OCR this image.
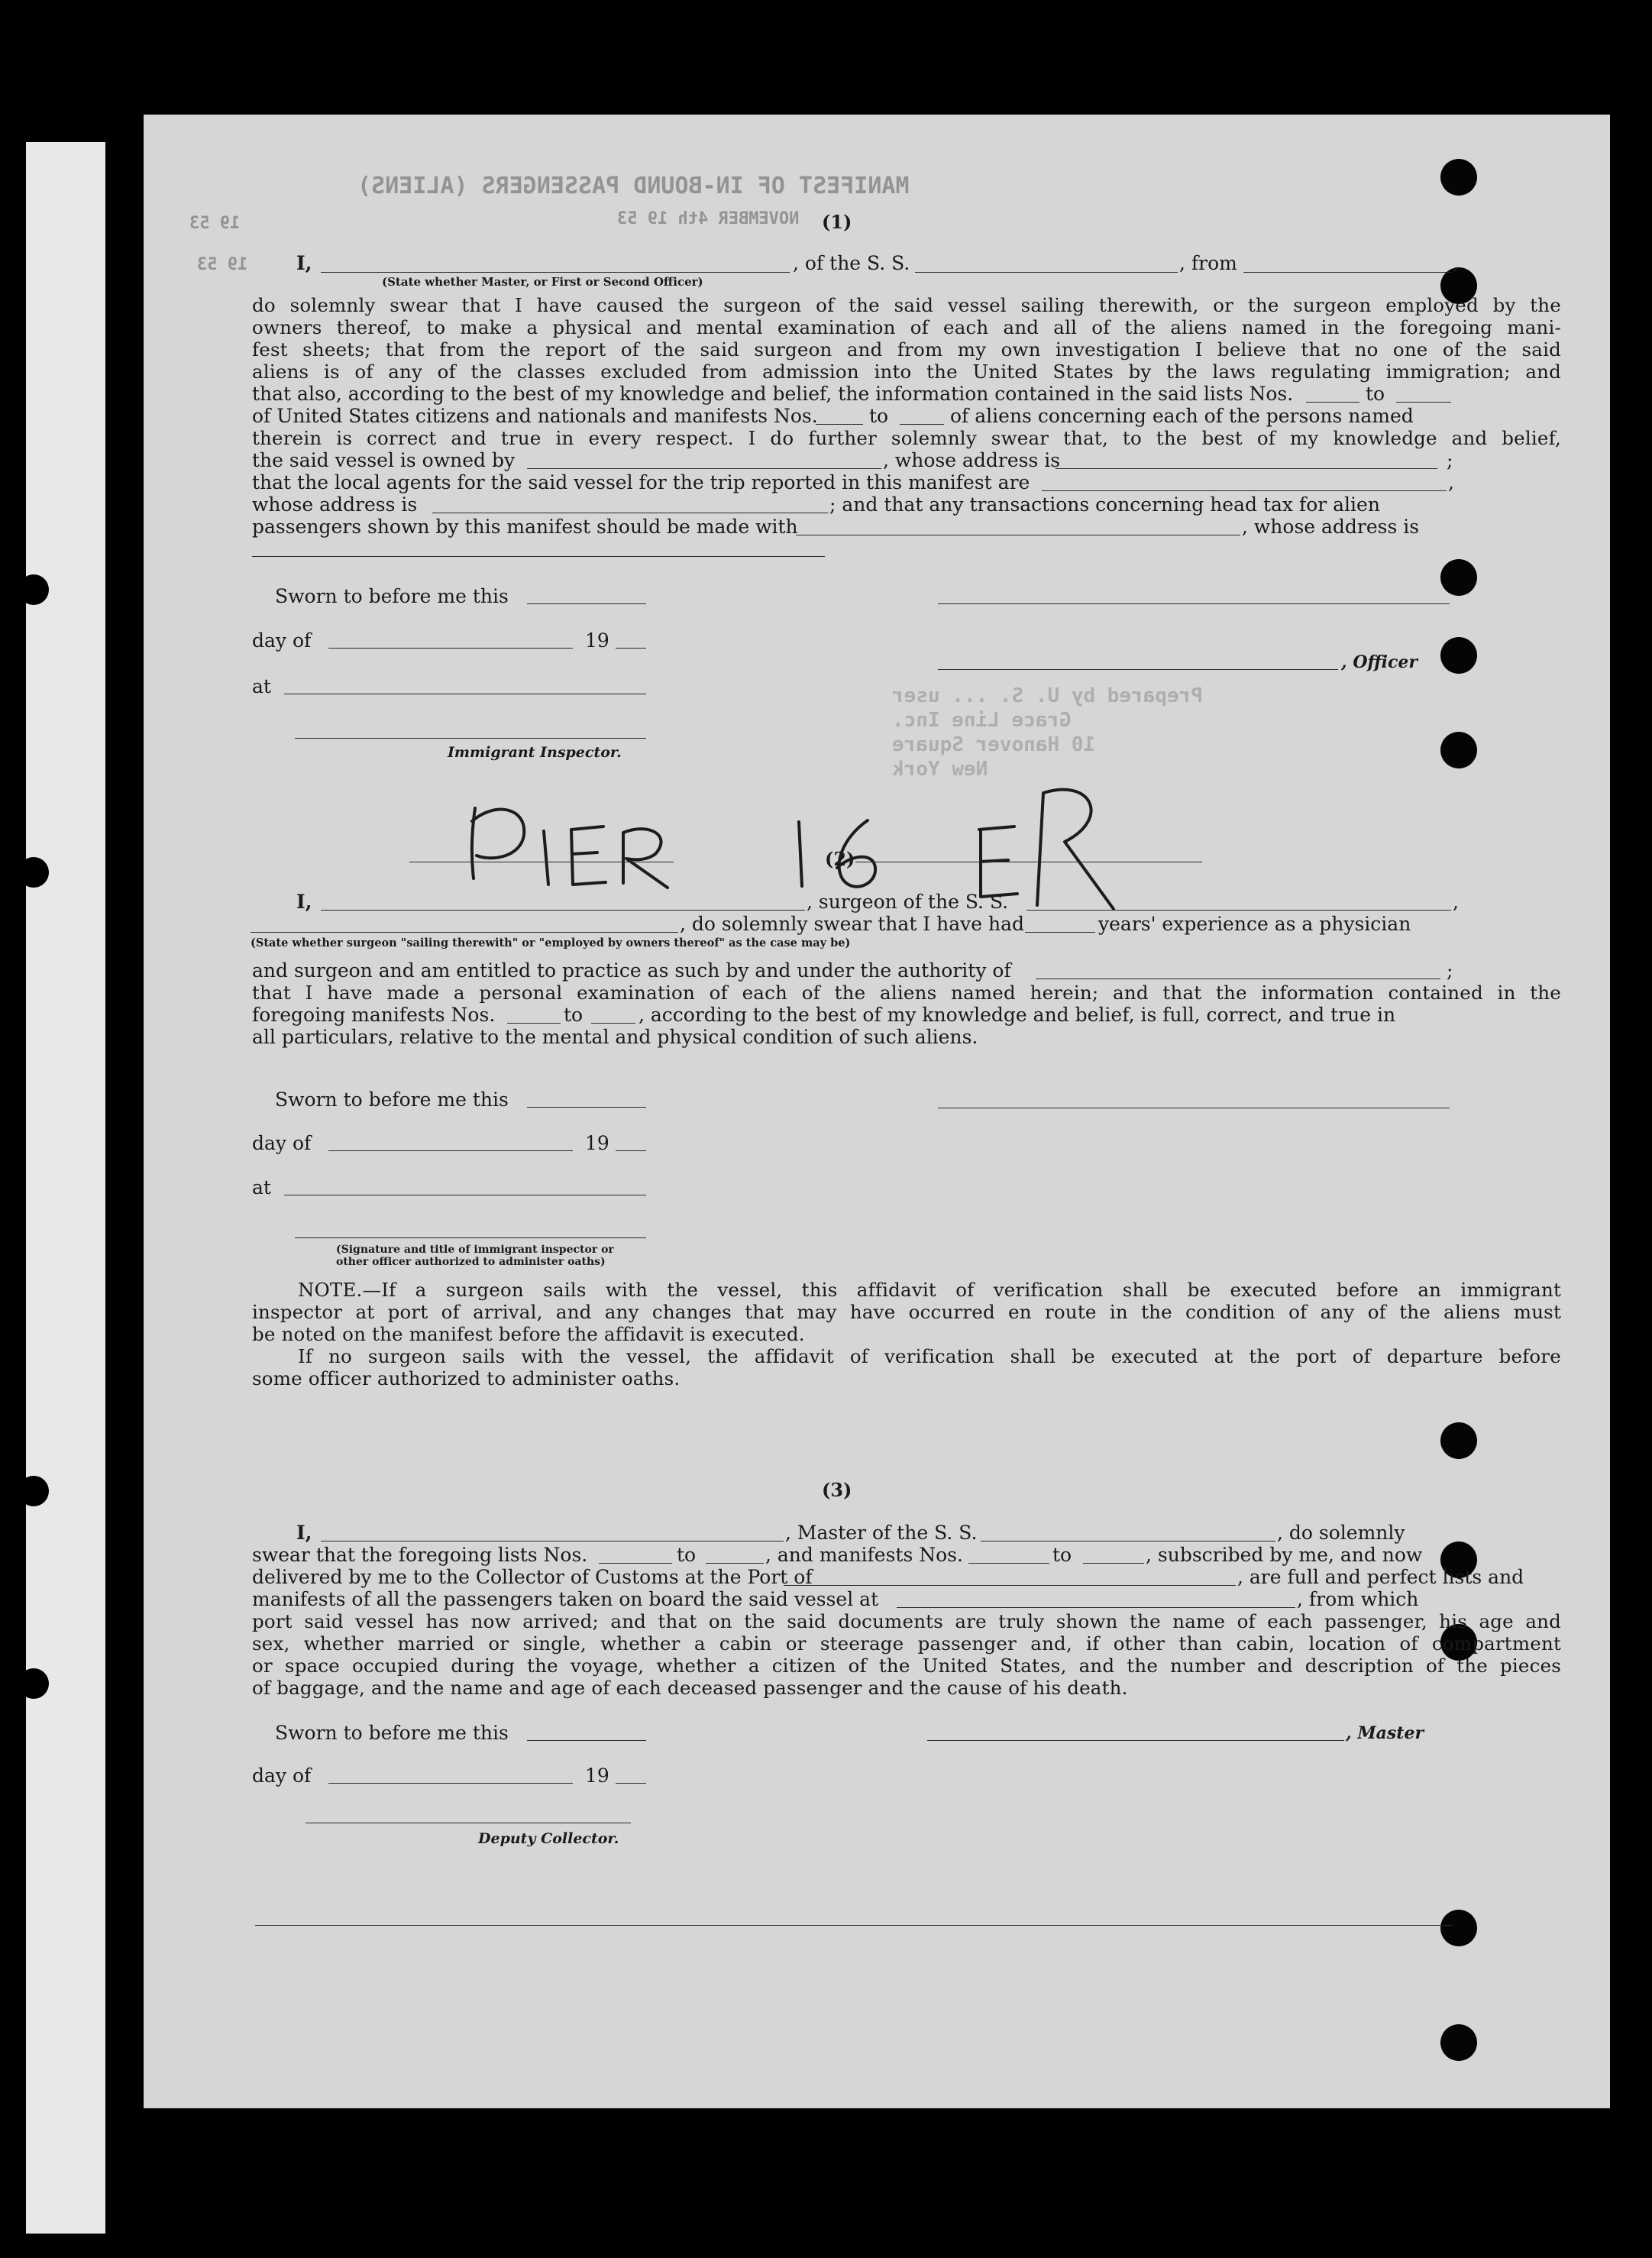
MANIFEST OF IN-BOUND PASSENGERS (ALIENS)
NOVEMBER 4th 19 53
19 53
19 53
Prepared by U. S. ... user
Grace Line Inc.
10 Hanover Square
New York
(1)
I,
(State whether Master, or First or Second Officer)
, of the S. S.	, from	,
do solemnly swear that I have caused the surgeon of the said vessel sailing therewith, or the surgeon employed by the
owners thereof, to make a physical and mental examination of each and all of the aliens named in the foregoing mani-
fest sheets; that from the report of the said surgeon and from my own investigation I believe that no one of the said
aliens is of any of the classes excluded from admission into the United States by the laws regulating immigration; and
that also, according to the best of my knowledge and belief, the information contained in the said lists Nos.	to
of United States citizens and nationals and manifests Nos.	to	of aliens concerning each of the persons named
therein is correct and true in every respect. I do further solemnly swear that, to the best of my knowledge and belief,
the said vessel is owned by	, whose address is	;
that the local agents for the said vessel for the trip reported in this manifest are	,
whose address is	; and that any transactions concerning head tax for alien
passengers shown by this manifest should be made with	, whose address is
Sworn to before me this
day of	19
, Officer
at
Immigrant Inspector.
(2)
I,	, surgeon of the S. S.	,
, do solemnly swear that I have had	years' experience as a physician
(State whether surgeon "sailing therewith" or "employed by owners thereof" as the case may be)
and surgeon and am entitled to practice as such by and under the authority of	;
that I have made a personal examination of each of the aliens named herein; and that the information contained in the
foregoing manifests Nos.	to	, according to the best of my knowledge and belief, is full, correct, and true in
all particulars, relative to the mental and physical condition of such aliens.
Sworn to before me this
day of	19
at
(Signature and title of immigrant inspector or
other officer authorized to administer oaths)
NOTE.—If a surgeon sails with the vessel, this affidavit of verification shall be executed before an immigrant
inspector at port of arrival, and any changes that may have occurred en route in the condition of any of the aliens must
be noted on the manifest before the affidavit is executed.
If no surgeon sails with the vessel, the affidavit of verification shall be executed at the port of departure before
some officer authorized to administer oaths.
(3)
I,	, Master of the S. S.	, do solemnly
swear that the foregoing lists Nos.	to	, and manifests Nos.	to	, subscribed by me, and now
delivered by me to the Collector of Customs at the Port of	, are full and perfect lists and
manifests of all the passengers taken on board the said vessel at	, from which
port said vessel has now arrived; and that on the said documents are truly shown the name of each passenger, his age and
sex, whether married or single, whether a cabin or steerage passenger and, if other than cabin, location of compartment
or space occupied during the voyage, whether a citizen of the United States, and the number and description of the pieces
of baggage, and the name and age of each deceased passenger and the cause of his death.
Sworn to before me this	, Master
day of	19
Deputy Collector.
